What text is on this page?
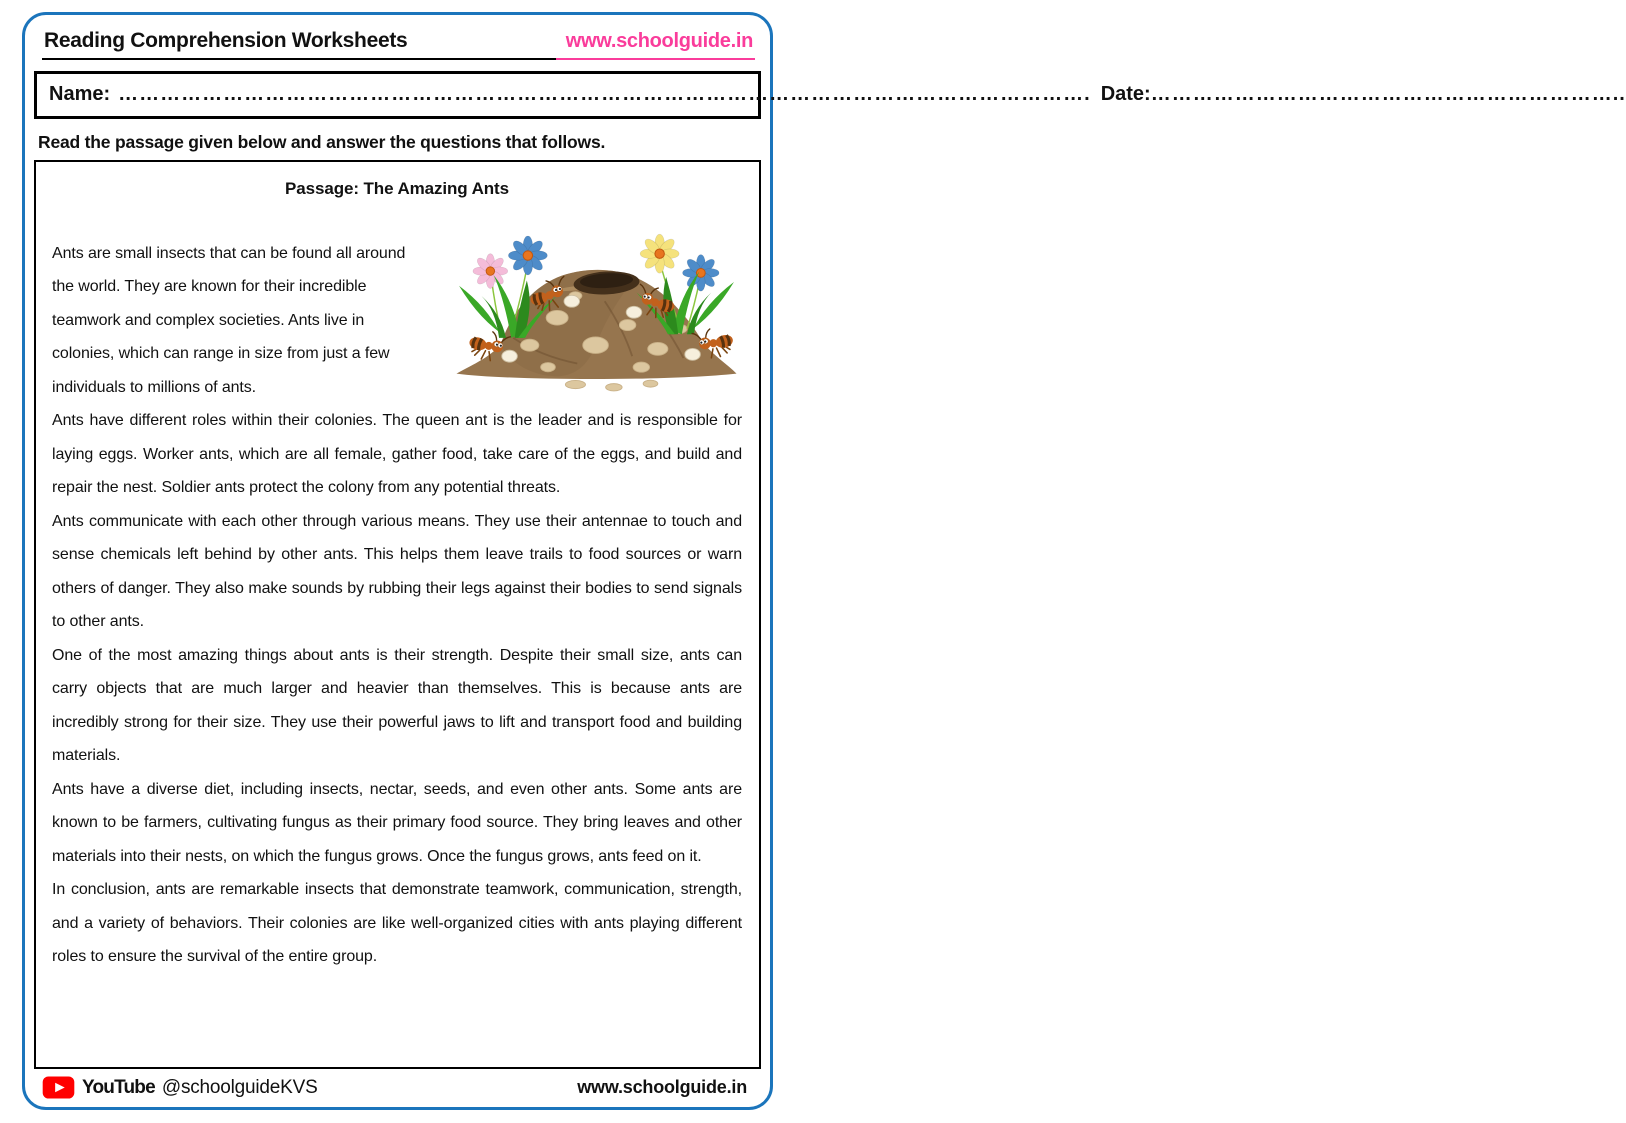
Reading Comprehension Worksheets	www.schoolguide.in
Name: …………………………………………………………………………………………………………………………. Date: …………………………………………………………..
Read the passage given below and answer the questions that follows.
Passage: The Amazing Ants
Ants are small insects that can be found all around the world. They are known for their incredible teamwork and complex societies. Ants live in colonies, which can range in size from just a few individuals to millions of ants.

Ants have different roles within their colonies. The queen ant is the leader and is responsible for laying eggs. Worker ants, which are all female, gather food, take care of the eggs, and build and repair the nest. Soldier ants protect the colony from any potential threats.

Ants communicate with each other through various means. They use their antennae to touch and sense chemicals left behind by other ants. This helps them leave trails to food sources or warn others of danger. They also make sounds by rubbing their legs against their bodies to send signals to other ants.

One of the most amazing things about ants is their strength. Despite their small size, ants can carry objects that are much larger and heavier than themselves. This is because ants are incredibly strong for their size. They use their powerful jaws to lift and transport food and building materials.

Ants have a diverse diet, including insects, nectar, seeds, and even other ants. Some ants are known to be farmers, cultivating fungus as their primary food source. They bring leaves and other materials into their nests, on which the fungus grows. Once the fungus grows, ants feed on it.

In conclusion, ants are remarkable insects that demonstrate teamwork, communication, strength, and a variety of behaviors. Their colonies are like well-organized cities with ants playing different roles to ensure the survival of the entire group.

YouTube @schoolguideKVS	www.schoolguide.in
